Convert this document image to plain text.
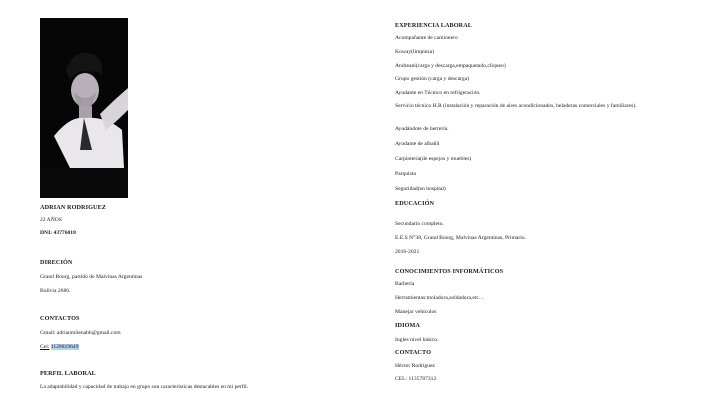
ADRIAN RODRIGUEZ
22 AÑOS
DNI: 43776018
DIRECIÓN
Grand Bourg, partido de Malvinas Argentinas
Bolivia 2686.
CONTACTOS
Gmail: adrianmilenabb@gmail.com
Cel: 1128819649
PERFIL LABORAL
La adaptabilidad y capacidad de trabajo en grupo son características destacables en mi perfil.
EXPERIENCIA LABORAL
Acompañante de camionero
Koway(limpieza)
Andreani(carga y descarga,empaquetado,cliqueo)
Grupo gestión (carga y descarga)
Ayudante en Técnico en refrigeración.
Servicio técnico H.R (instalación y reparación de aires acondicionados, heladeras comerciales y familiares).
Ayudándote de herrería.
Ayudante de albañil
Carpintería(de espejos y muebles)
Parquista
Seguridad(en hospital)
EDUCACIÓN
Secundario completo.
E.E.S N°38, Grand Bourg, Malvinas Argentinas, Primario.
2016-2021
CONOCIMIENTOS INFORMÁTICOS
Barbería
Herramientas:moladora,soldadora,etc…
Manejar vehículos
IDIOMA
Ingles nivel básico.
CONTACTO
Héctor Rodríguez
CEL: 1135787312
